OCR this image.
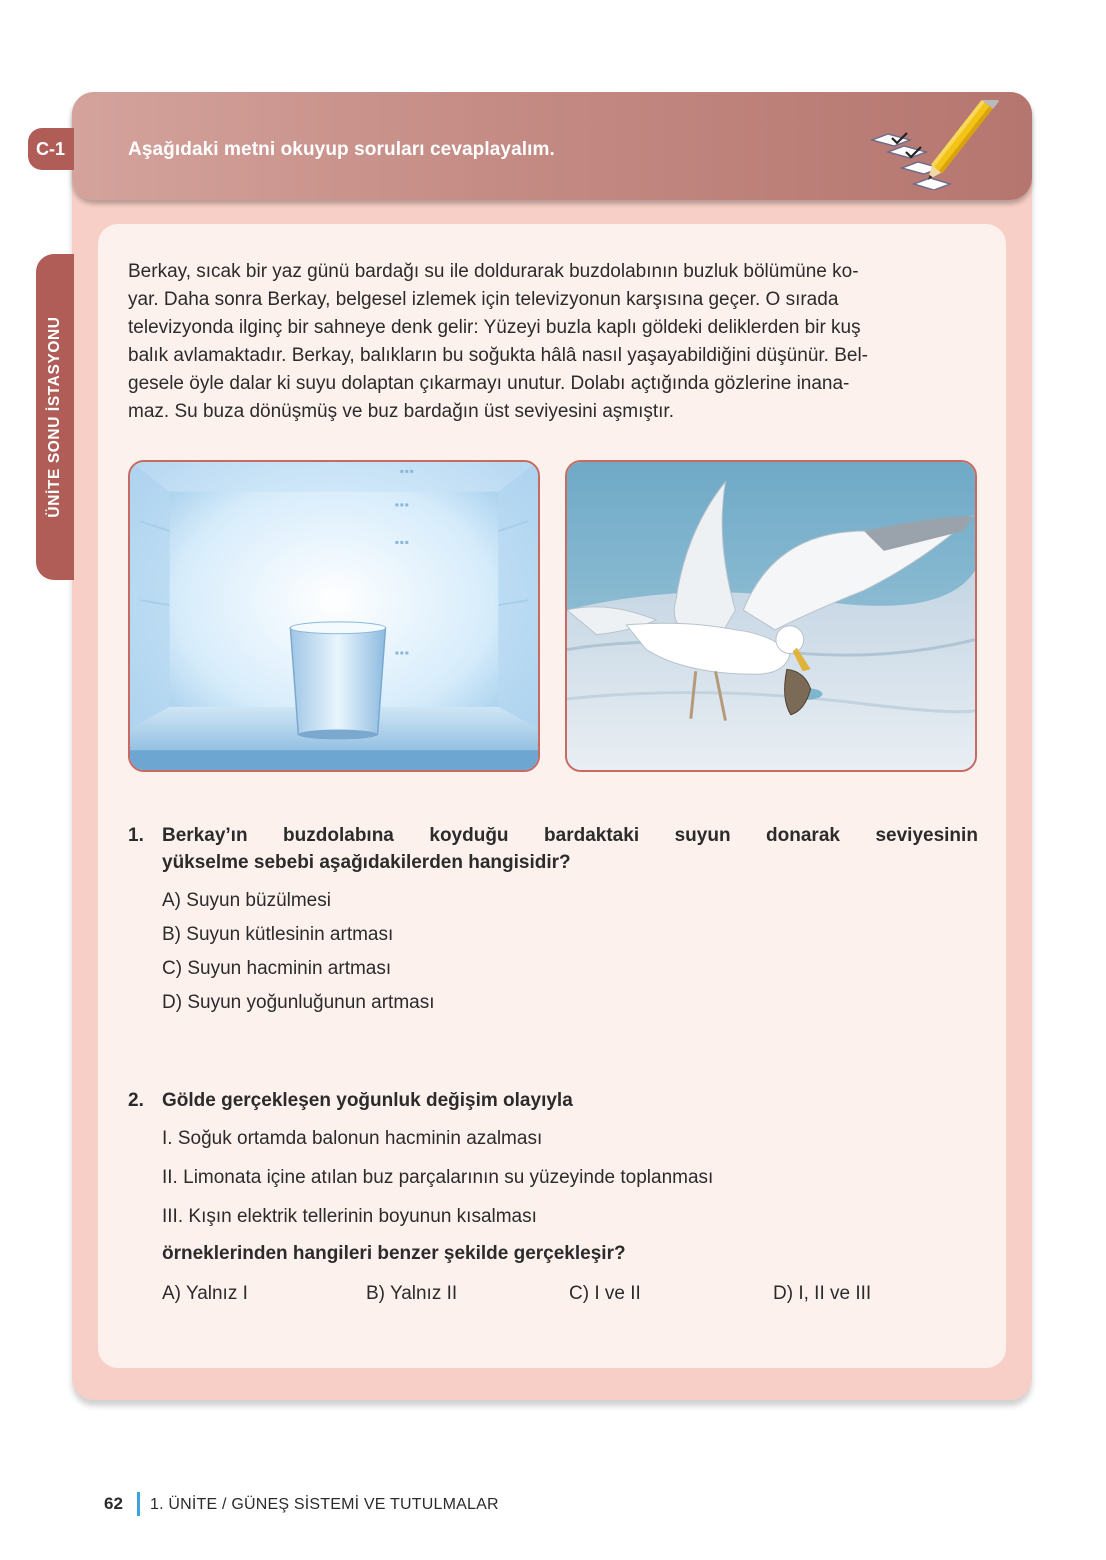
C-1	Aşağıdaki metni okuyup soruları cevaplayalım.
ÜNİTE SONU İSTASYONU

Berkay, sıcak bir yaz günü bardağı su ile doldurarak buzdolabının buzluk bölümüne ko-

yar. Daha sonra Berkay, belgesel izlemek için televizyonun karşısına geçer. O sırada

televizyonda ilginç bir sahneye denk gelir: Yüzeyi buzla kaplı göldeki deliklerden bir kuş

balık avlamaktadır. Berkay, balıkların bu soğukta hâlâ nasıl yaşayabildiğini düşünür. Bel-

gesele öyle dalar ki suyu dolaptan çıkarmayı unutur. Dolabı açtığında gözlerine inana-

maz. Su buza dönüşmüş ve buz bardağın üst seviyesini aşmıştır.

1. Berkay’ın buzdolabına koyduğu bardaktaki suyun donarak seviyesinin
yükselme sebebi aşağıdakilerden hangisidir?
A) Suyun büzülmesi
B) Suyun kütlesinin artması
C) Suyun hacminin artması
D) Suyun yoğunluğunun artması
2. Gölde gerçekleşen yoğunluk değişim olayıyla
I. Soğuk ortamda balonun hacminin azalması
II. Limonata içine atılan buz parçalarının su yüzeyinde toplanması
III. Kışın elektrik tellerinin boyunun kısalması
örneklerinden hangileri benzer şekilde gerçekleşir?
A) Yalnız I	B) Yalnız II	C) I ve II	D) I, II ve III
62 1. ÜNİTE / GÜNEŞ SİSTEMİ VE TUTULMALAR
